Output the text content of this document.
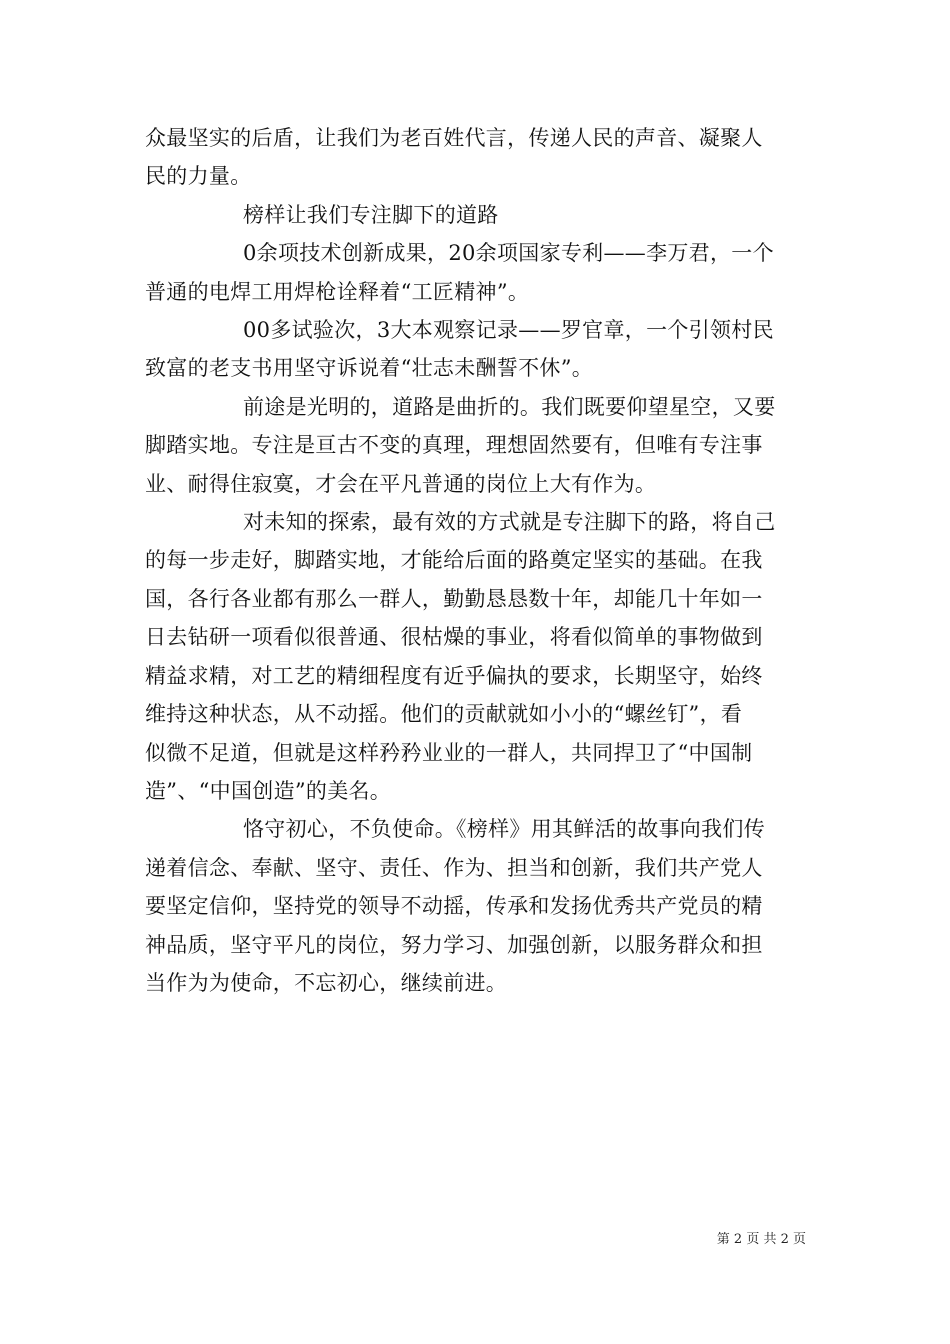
众最坚实的后盾，让我们为老百姓代言，传递人民的声音、凝聚人
民的力量。

榜样让我们专注脚下的道路

0余项技术创新成果，20余项国家专利——李万君，一个

普通的电焊工用焊枪诠释着“工匠精神”。

00多试验次，3大本观察记录——罗官章，一个引领村民

致富的老支书用坚守诉说着“壮志未酬誓不休”。

前途是光明的，道路是曲折的。我们既要仰望星空，又要

脚踏实地。专注是亘古不变的真理，理想固然要有，但唯有专注事
业、耐得住寂寞，才会在平凡普通的岗位上大有作为。

对未知的探索，最有效的方式就是专注脚下的路，将自己

的每一步走好，脚踏实地，才能给后面的路奠定坚实的基础。在我
国，各行各业都有那么一群人，勤勤恳恳数十年，却能几十年如一
日去钻研一项看似很普通、很枯燥的事业，将看似简单的事物做到
精益求精，对工艺的精细程度有近乎偏执的要求，长期坚守，始终
维持这种状态，从不动摇。他们的贡献就如小小的“螺丝钉”，看
似微不足道，但就是这样矜矜业业的一群人，共同捍卫了“中国制
造”、“中国创造”的美名。

恪守初心，不负使命。《榜样》用其鲜活的故事向我们传

递着信念、奉献、坚守、责任、作为、担当和创新，我们共产党人
要坚定信仰，坚持党的领导不动摇，传承和发扬优秀共产党员的精
神品质，坚守平凡的岗位，努力学习、加强创新，以服务群众和担
当作为为使命，不忘初心，继续前进。

第 2 页 共 2 页
